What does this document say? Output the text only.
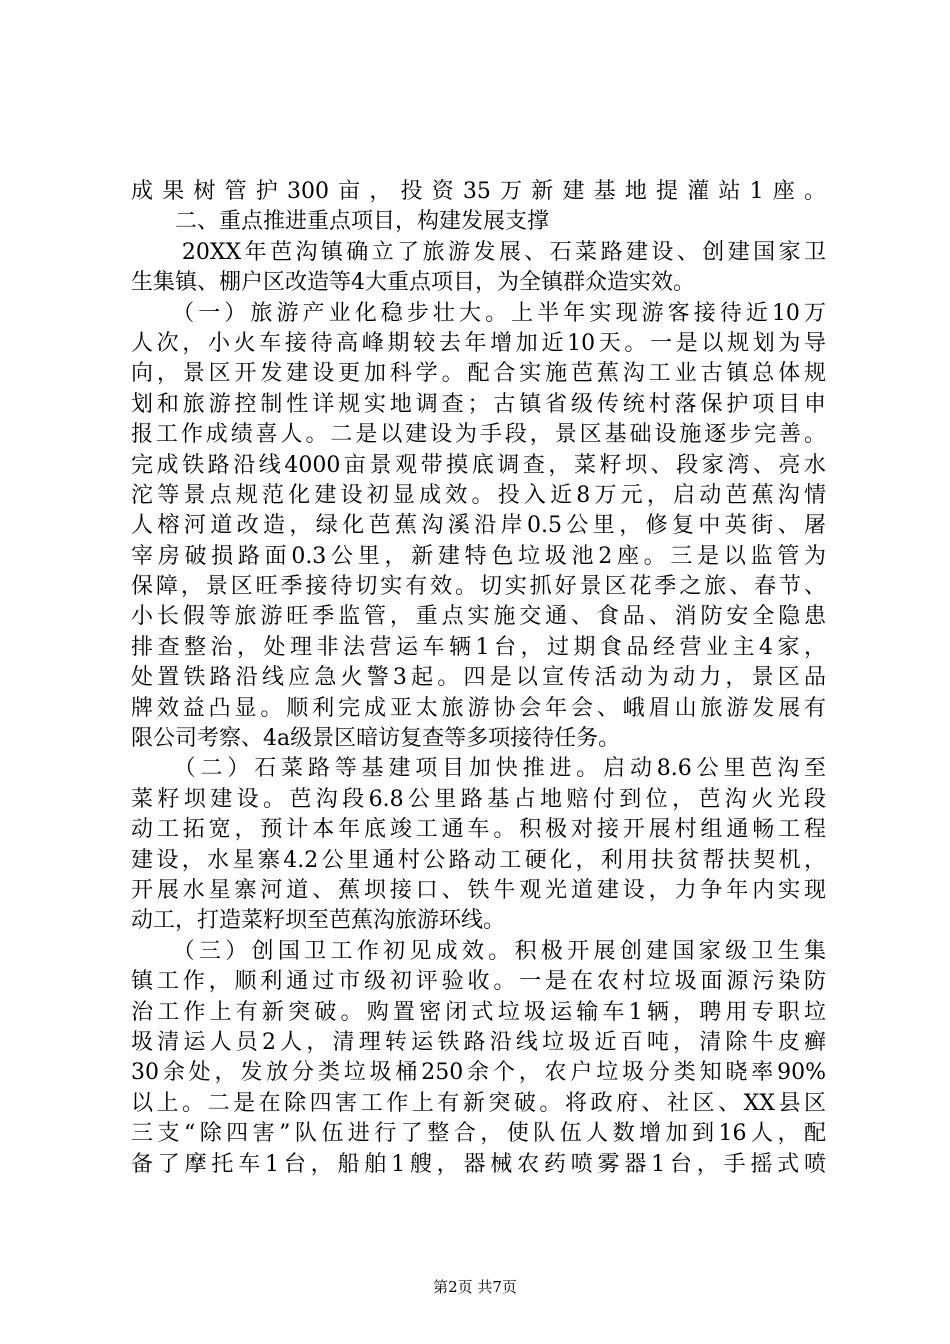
成果树管护300亩，投资35万新建基地提灌站1座。
　　二、重点推进重点项目，构建发展支撑
　　20XX年芭沟镇确立了旅游发展、石菜路建设、创建国家卫
生集镇、棚户区改造等4大重点项目，为全镇群众造实效。
　　（一）旅游产业化稳步壮大。上半年实现游客接待近10万
人次，小火车接待高峰期较去年增加近10天。一是以规划为导
向，景区开发建设更加科学。配合实施芭蕉沟工业古镇总体规
划和旅游控制性详规实地调查；古镇省级传统村落保护项目申
报工作成绩喜人。二是以建设为手段，景区基础设施逐步完善。
完成铁路沿线4000亩景观带摸底调查，菜籽坝、段家湾、亮水
沱等景点规范化建设初显成效。投入近8万元，启动芭蕉沟情
人榕河道改造，绿化芭蕉沟溪沿岸0.5公里，修复中英街、屠
宰房破损路面0.3公里，新建特色垃圾池2座。三是以监管为
保障，景区旺季接待切实有效。切实抓好景区花季之旅、春节、
小长假等旅游旺季监管，重点实施交通、食品、消防安全隐患
排查整治，处理非法营运车辆1台，过期食品经营业主4家，
处置铁路沿线应急火警3起。四是以宣传活动为动力，景区品
牌效益凸显。顺利完成亚太旅游协会年会、峨眉山旅游发展有
限公司考察、4a级景区暗访复查等多项接待任务。
　　（二）石菜路等基建项目加快推进。启动8.6公里芭沟至
菜籽坝建设。芭沟段6.8公里路基占地赔付到位，芭沟火光段
动工拓宽，预计本年底竣工通车。积极对接开展村组通畅工程
建设，水星寨4.2公里通村公路动工硬化，利用扶贫帮扶契机，
开展水星寨河道、蕉坝接口、铁牛观光道建设，力争年内实现
动工，打造菜籽坝至芭蕉沟旅游环线。
　　（三）创国卫工作初见成效。积极开展创建国家级卫生集
镇工作，顺利通过市级初评验收。一是在农村垃圾面源污染防
治工作上有新突破。购置密闭式垃圾运输车1辆，聘用专职垃
圾清运人员2人，清理转运铁路沿线垃圾近百吨，清除牛皮癣
30余处，发放分类垃圾桶250余个，农户垃圾分类知晓率90%
以上。二是在除四害工作上有新突破。将政府、社区、XX县区
三支“除四害”队伍进行了整合，使队伍人数增加到16人，配
备了摩托车1台，船舶1艘，器械农药喷雾器1台，手摇式喷
第2页 共7页
